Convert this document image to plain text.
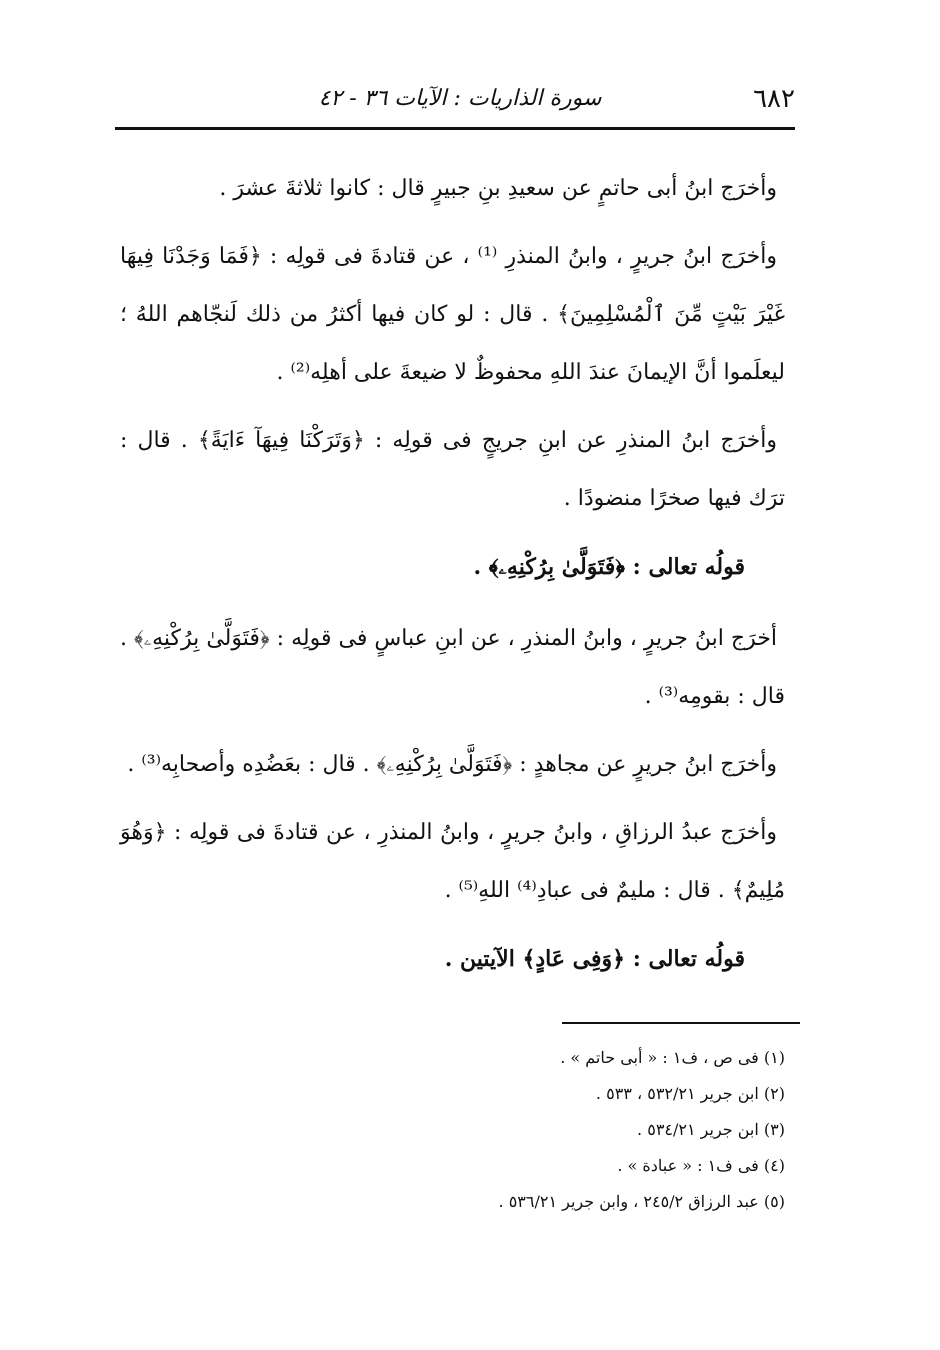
٦٨٢
سورة الذاريات : الآيات ٣٦ - ٤٢

وأخرَج ابنُ أبى حاتمٍ عن سعيدِ بنِ جبيرٍ قال : كانوا ثلاثةَ عشرَ .

وأخرَج ابنُ جريرٍ ، وابنُ المنذرِ ⁽¹⁾ ، عن قتادةَ فى قولِه : ﴿فَمَا وَجَدْنَا فِيهَا غَيْرَ بَيْتٍ مِّنَ ٱلْمُسْلِمِينَ﴾ . قال : لو كان فيها أكثرُ من ذلك لَنجّاهم اللهُ ؛ ليعلَموا أنَّ الإيمانَ عندَ اللهِ محفوظٌ لا ضيعةَ على أهلِه⁽²⁾ .

وأخرَج ابنُ المنذرِ عن ابنِ جريجٍ فى قولِه : ﴿وَتَرَكْنَا فِيهَآ ءَايَةً﴾ . قال : ترَك فيها صخرًا منضودًا .

قولُه تعالى : ﴿فَتَوَلَّىٰ بِرُكْنِهِۦ﴾ .

أخرَج ابنُ جريرٍ ، وابنُ المنذرِ ، عن ابنِ عباسٍ فى قولِه : ﴿فَتَوَلَّىٰ بِرُكْنِهِۦ﴾ . قال : بقومِه⁽³⁾ .

وأخرَج ابنُ جريرٍ عن مجاهدٍ : ﴿فَتَوَلَّىٰ بِرُكْنِهِۦ﴾ . قال : بعَضُدِه وأصحابِه⁽³⁾ .

وأخرَج عبدُ الرزاقِ ، وابنُ جريرٍ ، وابنُ المنذرِ ، عن قتادةَ فى قولِه : ﴿وَهُوَ مُلِيمٌ﴾ . قال : مليمٌ فى عبادِ⁽⁴⁾ اللهِ⁽⁵⁾ .

قولُه تعالى : ﴿وَفِى عَادٍ﴾ الآيتين .

(١) فى ص ، ف١ : « أبى حاتم » .

(٢) ابن جرير ٥٣٢/٢١ ، ٥٣٣ .

(٣) ابن جرير ٥٣٤/٢١ .

(٤) فى ف١ : « عبادة » .

(٥) عبد الرزاق ٢٤٥/٢ ، وابن جرير ٥٣٦/٢١ .
